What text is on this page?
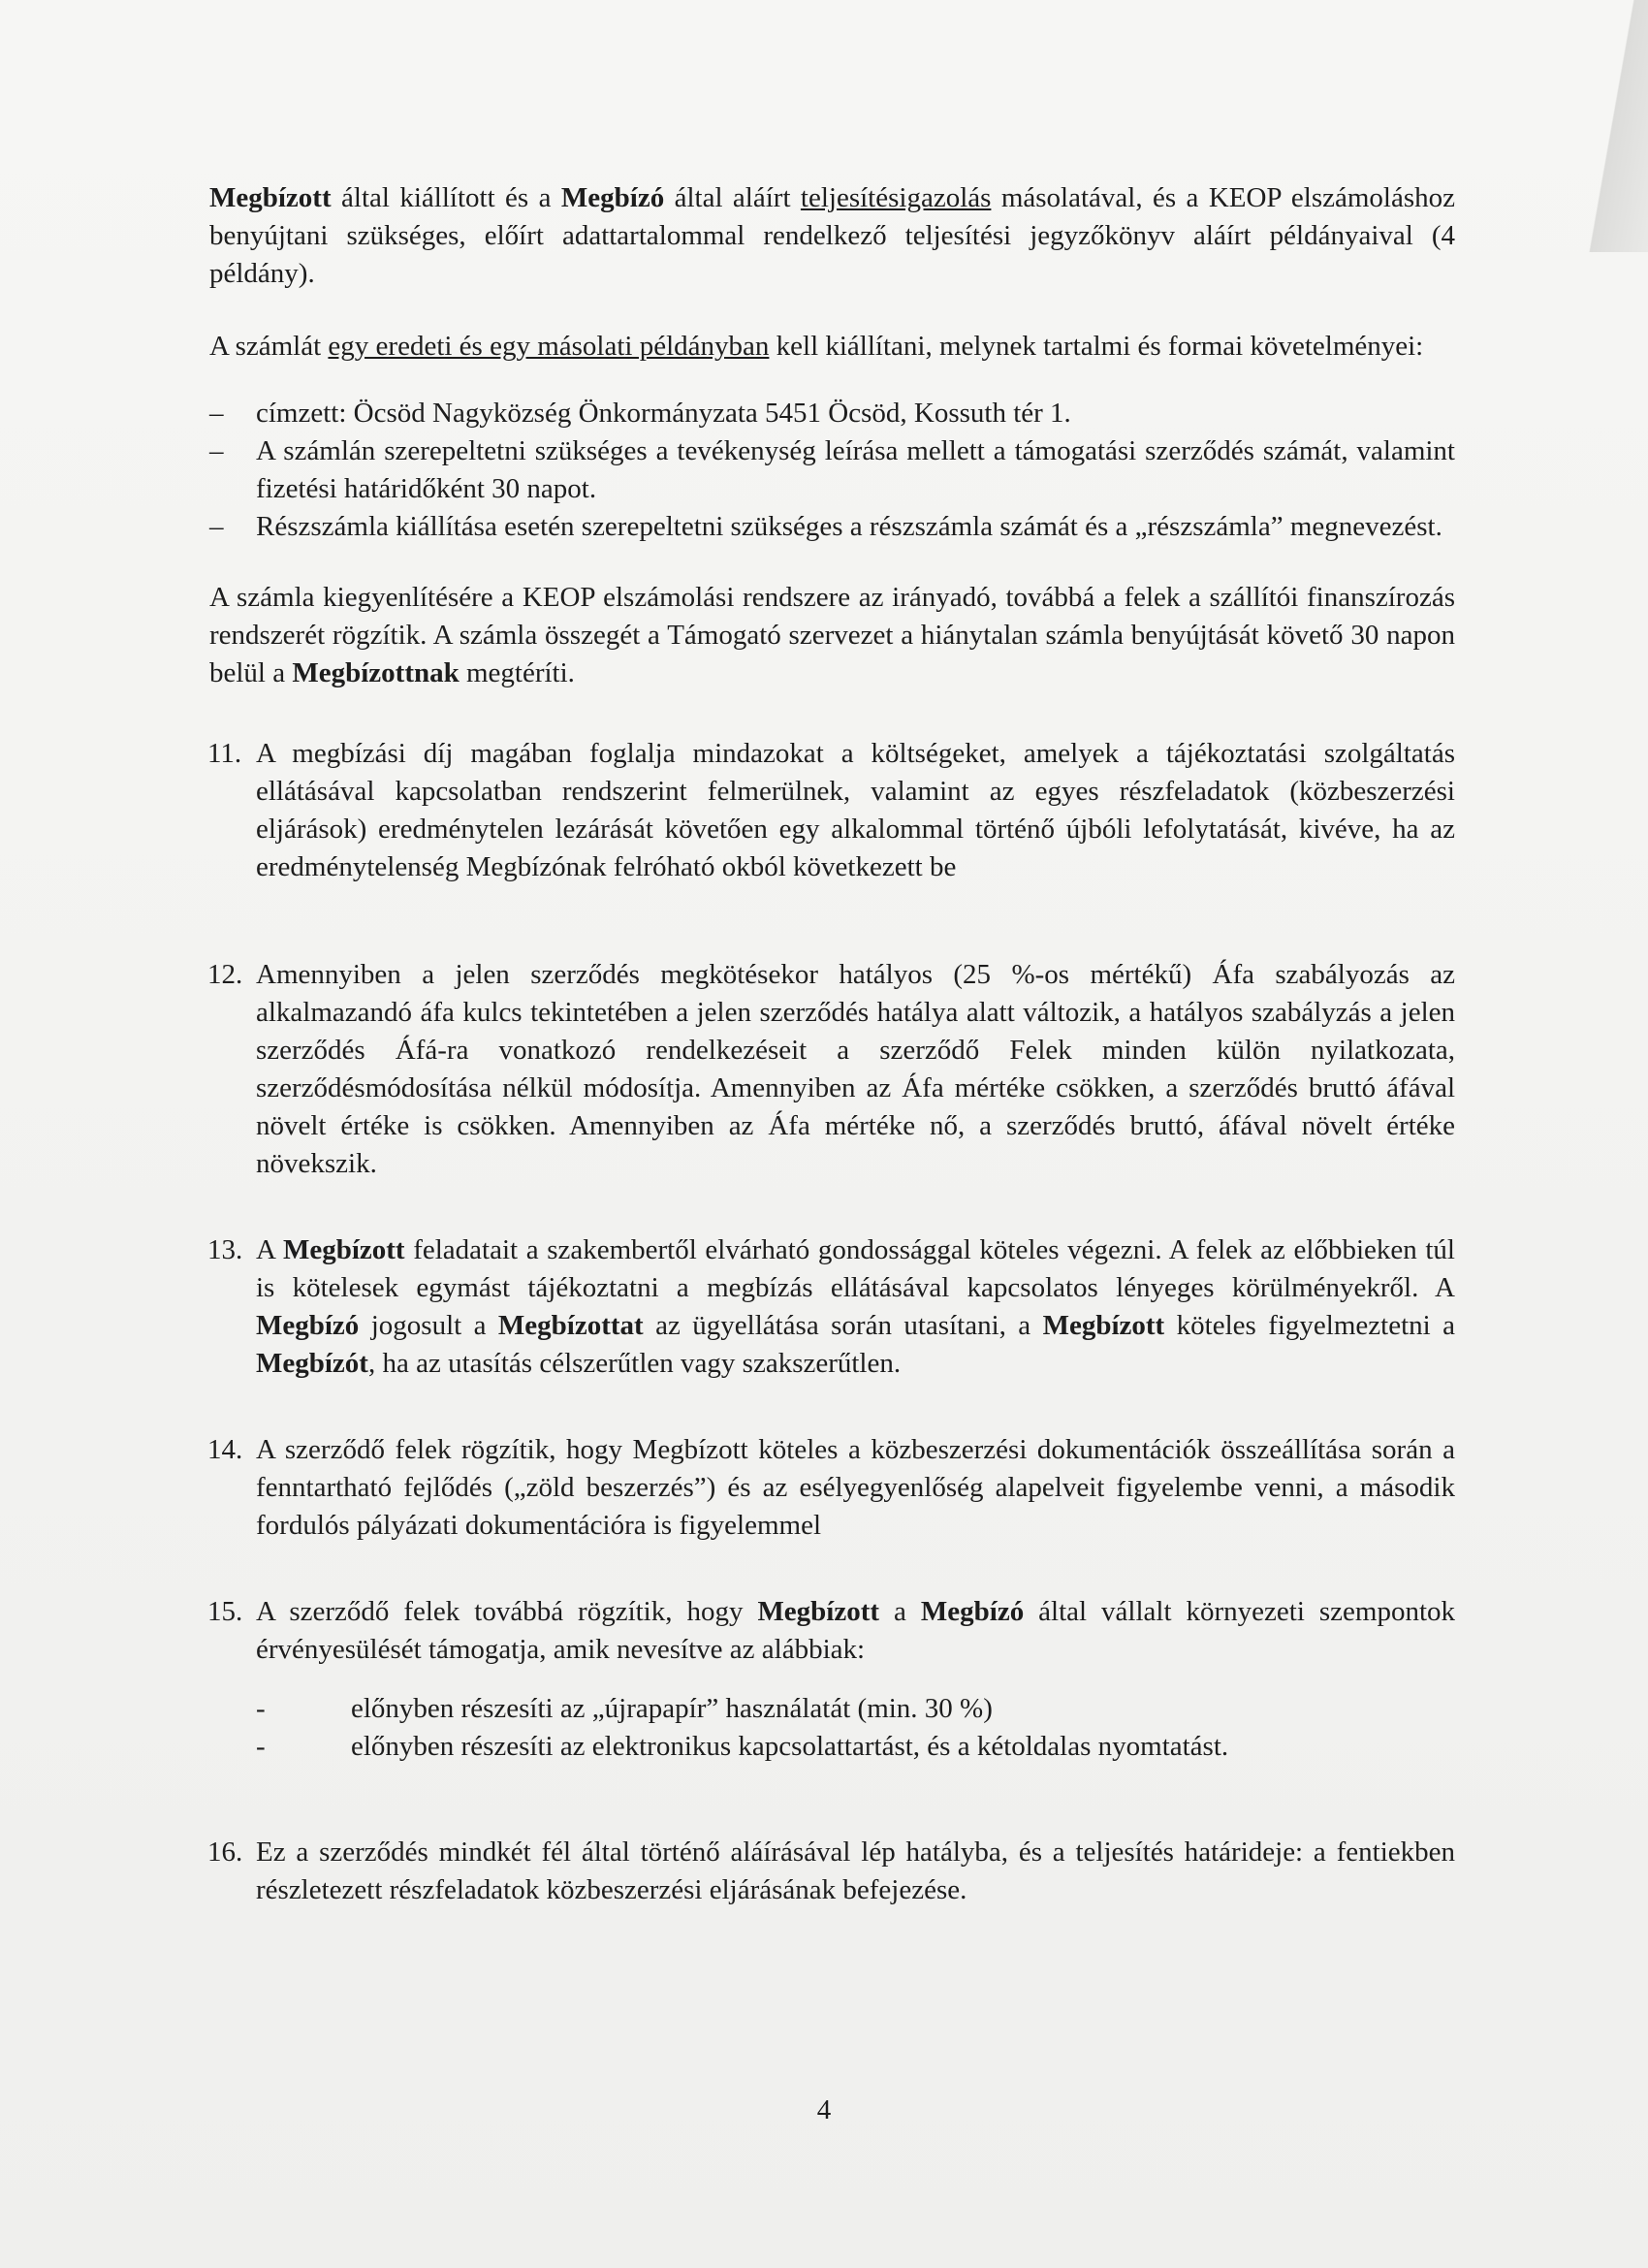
Megbízott által kiállított és a Megbízó által aláírt teljesítésigazolás másolatával, és a KEOP elszámoláshoz benyújtani szükséges, előírt adattartalommal rendelkező teljesítési jegyzőkönyv aláírt példányaival (4 példány).

A számlát egy eredeti és egy másolati példányban kell kiállítani, melynek tartalmi és formai követelményei:

– címzett: Öcsöd Nagyközség Önkormányzata 5451 Öcsöd, Kossuth tér 1.

– A számlán szerepeltetni szükséges a tevékenység leírása mellett a támogatási szerződés számát, valamint fizetési határidőként 30 napot.

– Részszámla kiállítása esetén szerepeltetni szükséges a részszámla számát és a „részszámla” megnevezést.

A számla kiegyenlítésére a KEOP elszámolási rendszere az irányadó, továbbá a felek a szállítói finanszírozás rendszerét rögzítik. A számla összegét a Támogató szervezet a hiánytalan számla benyújtását követő 30 napon belül a Megbízottnak megtéríti.

11. A megbízási díj magában foglalja mindazokat a költségeket, amelyek a tájékoztatási szolgáltatás ellátásával kapcsolatban rendszerint felmerülnek, valamint az egyes részfeladatok (közbeszerzési eljárások) eredménytelen lezárását követően egy alkalommal történő újbóli lefolytatását, kivéve, ha az eredménytelenség Megbízónak felróható okból következett be

12. Amennyiben a jelen szerződés megkötésekor hatályos (25 %-os mértékű) Áfa szabályozás az alkalmazandó áfa kulcs tekintetében a jelen szerződés hatálya alatt változik, a hatályos szabályzás a jelen szerződés Áfá-ra vonatkozó rendelkezéseit a szerződő Felek minden külön nyilatkozata, szerződésmódosítása nélkül módosítja. Amennyiben az Áfa mértéke csökken, a szerződés bruttó áfával növelt értéke is csökken. Amennyiben az Áfa mértéke nő, a szerződés bruttó, áfával növelt értéke növekszik.

13. A Megbízott feladatait a szakembertől elvárható gondossággal köteles végezni. A felek az előbbieken túl is kötelesek egymást tájékoztatni a megbízás ellátásával kapcsolatos lényeges körülményekről. A Megbízó jogosult a Megbízottat az ügyellátása során utasítani, a Megbízott köteles figyelmeztetni a Megbízót, ha az utasítás célszerűtlen vagy szakszerűtlen.

14. A szerződő felek rögzítik, hogy Megbízott köteles a közbeszerzési dokumentációk összeállítása során a fenntartható fejlődés („zöld beszerzés”) és az esélyegyenlőség alapelveit figyelembe venni, a második fordulós pályázati dokumentációra is figyelemmel

15. A szerződő felek továbbá rögzítik, hogy Megbízott a Megbízó által vállalt környezeti szempontok érvényesülését támogatja, amik nevesítve az alábbiak:

-	előnyben részesíti az „újrapapír” használatát (min. 30 %)

-	előnyben részesíti az elektronikus kapcsolattartást, és a kétoldalas nyomtatást.

16. Ez a szerződés mindkét fél által történő aláírásával lép hatályba, és a teljesítés határideje: a fentiekben részletezett részfeladatok közbeszerzési eljárásának befejezése.

4
